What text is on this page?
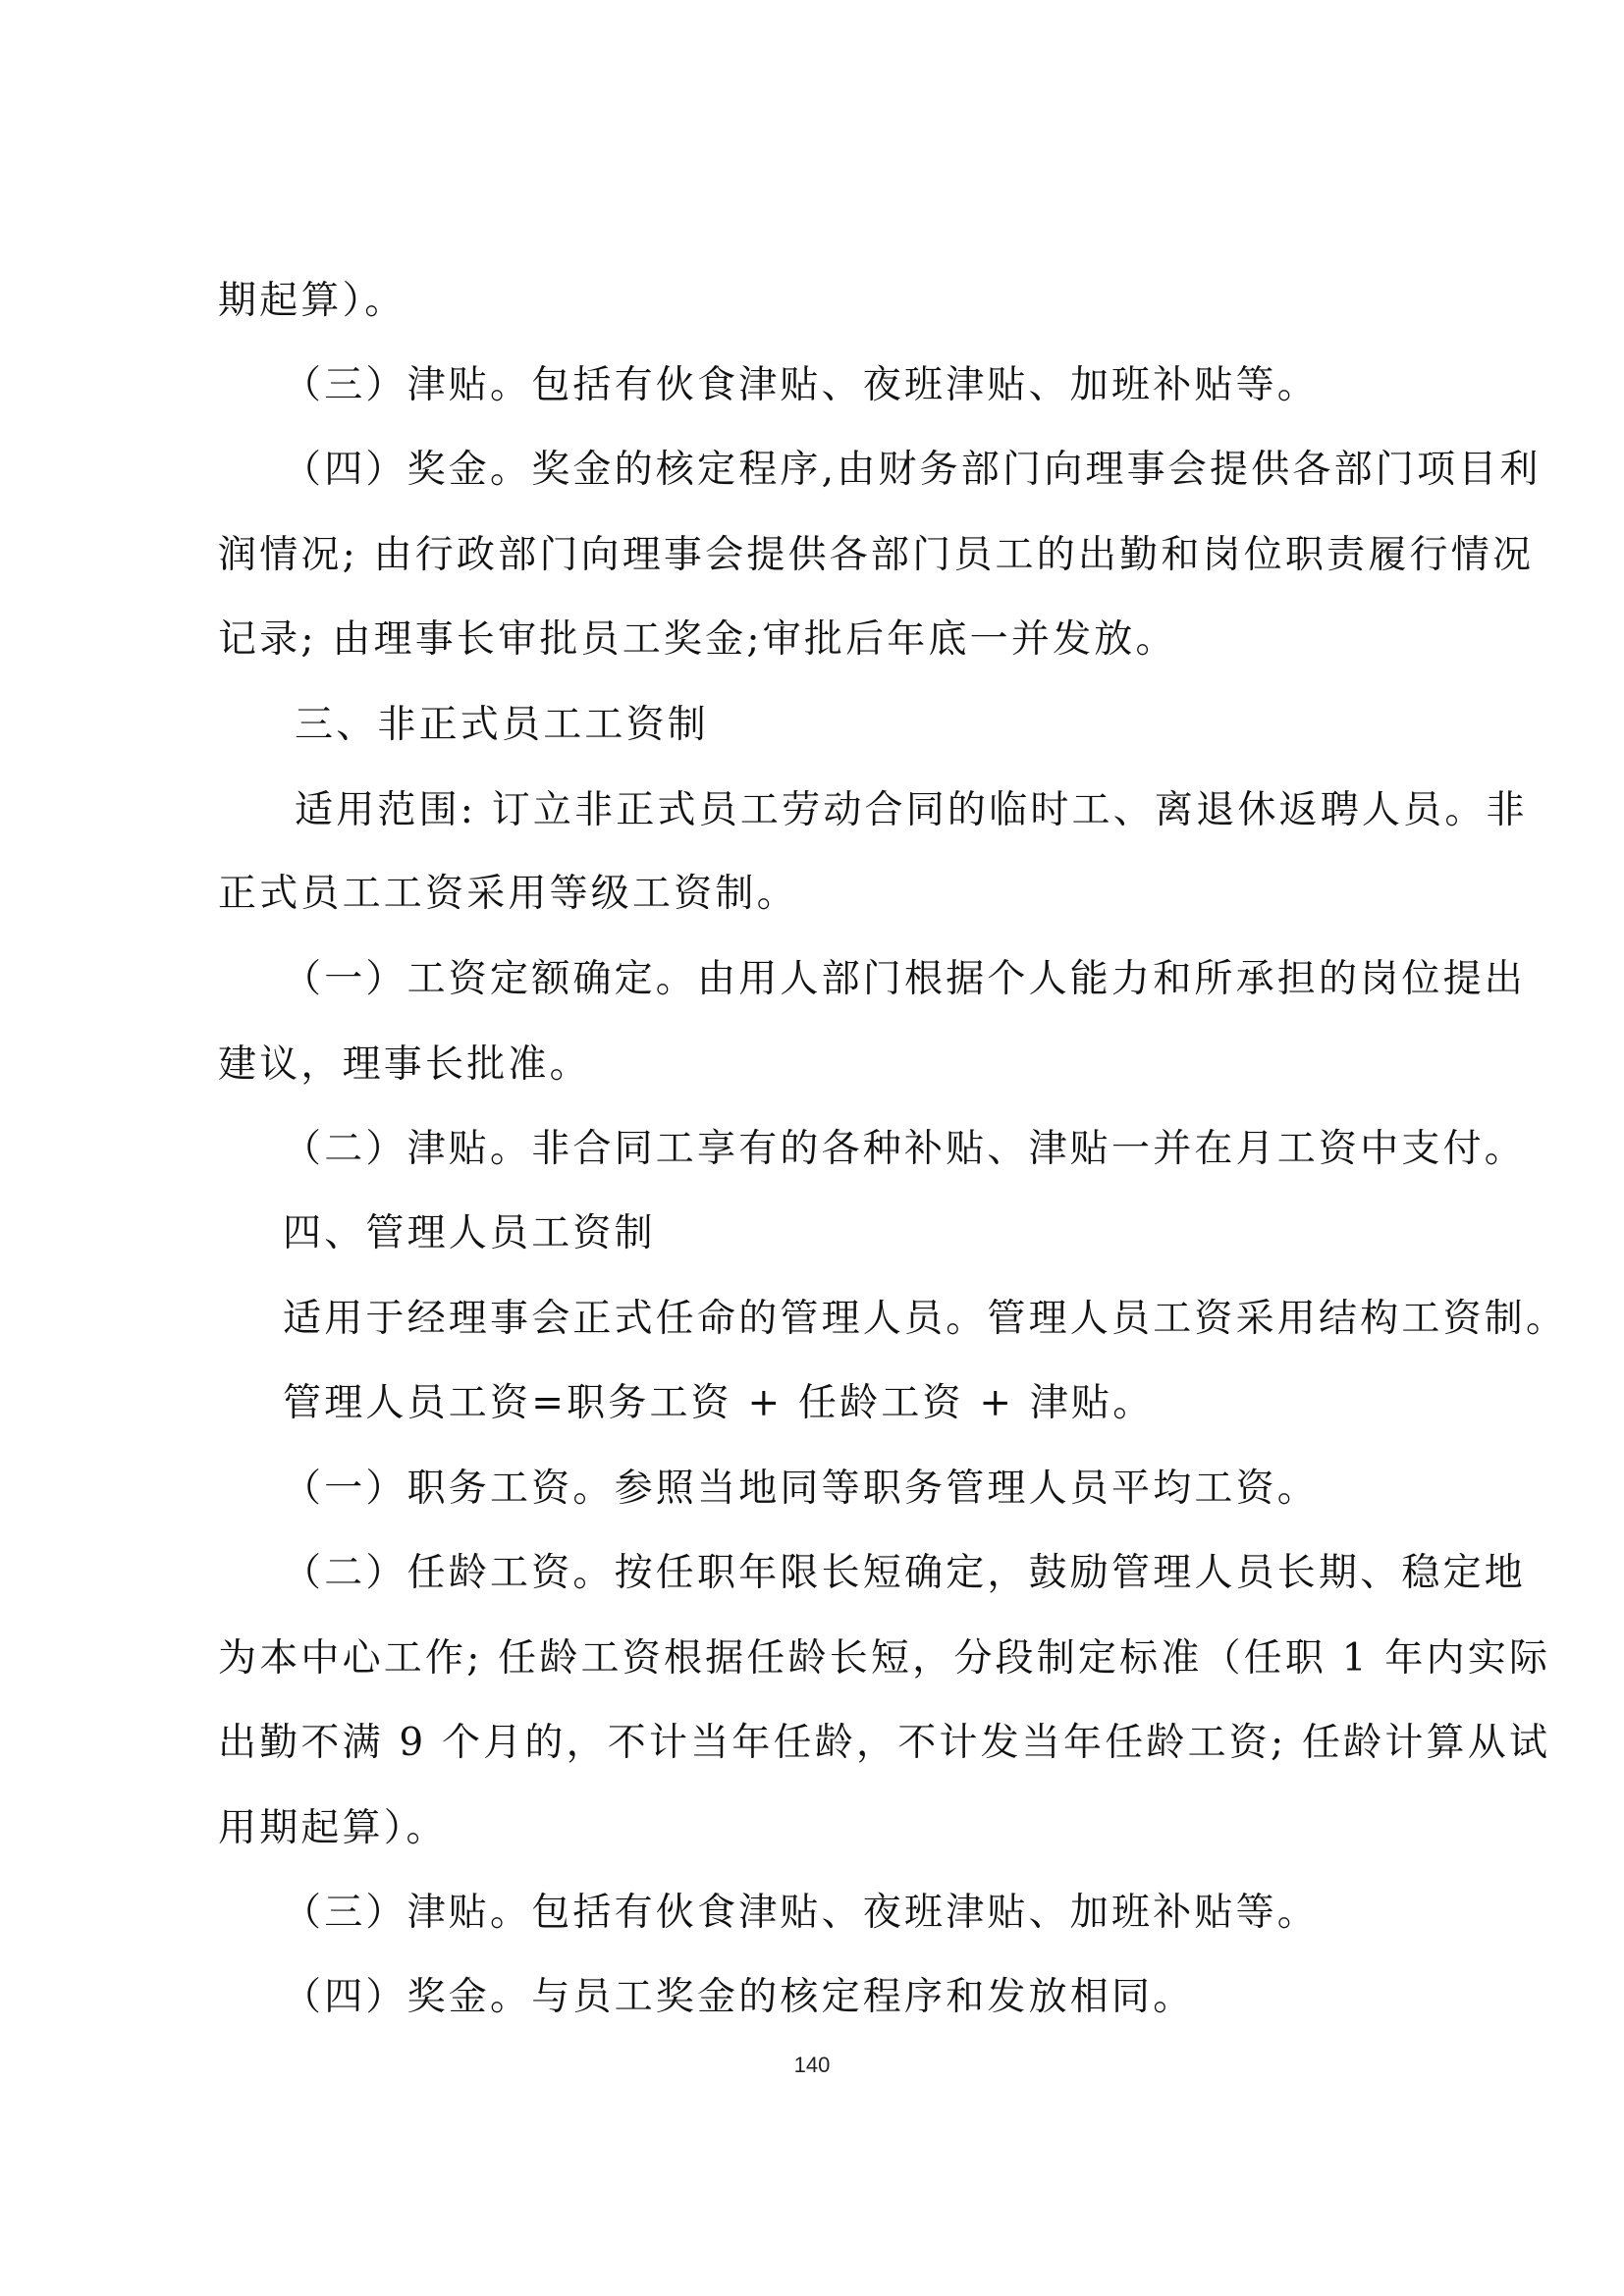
期起算）。

（三）津贴。包括有伙食津贴、夜班津贴、加班补贴等。

（四）奖金。奖金的核定程序,由财务部门向理事会提供各部门项目利

润情况; 由行政部门向理事会提供各部门员工的出勤和岗位职责履行情况

记录; 由理事长审批员工奖金;审批后年底一并发放。

三、非正式员工工资制

适用范围: 订立非正式员工劳动合同的临时工、离退休返聘人员。非

正式员工工资采用等级工资制。

（一）工资定额确定。由用人部门根据个人能力和所承担的岗位提出

建议，理事长批准。

（二）津贴。非合同工享有的各种补贴、津贴一并在月工资中支付。

四、管理人员工资制

适用于经理事会正式任命的管理人员。管理人员工资采用结构工资制。

管理人员工资=职务工资 + 任龄工资 + 津贴。

（一）职务工资。参照当地同等职务管理人员平均工资。

（二）任龄工资。按任职年限长短确定，鼓励管理人员长期、稳定地

为本中心工作; 任龄工资根据任龄长短，分段制定标准（任职 1 年内实际

出勤不满 9 个月的，不计当年任龄，不计发当年任龄工资; 任龄计算从试

用期起算）。

（三）津贴。包括有伙食津贴、夜班津贴、加班补贴等。

（四）奖金。与员工奖金的核定程序和发放相同。

140
